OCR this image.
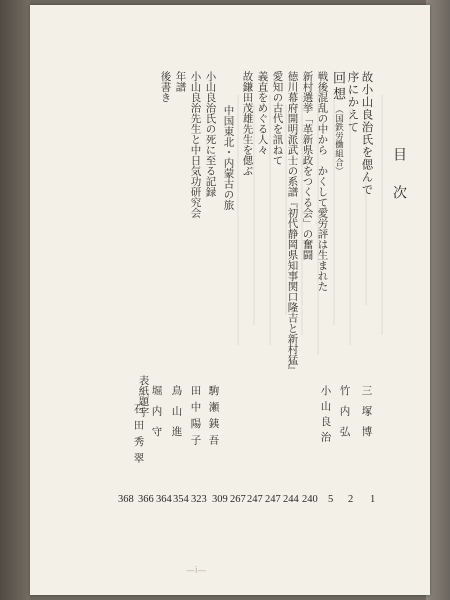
目次
故小山良治氏を偲んで
序にかえて
回想
（国鉄労働組合）
戦後混乱の中から　かくして愛労評は生まれた
新村選挙「革新県政をつくる会」の奮闘
徳川幕府開明派武士の系譜『初代静岡県知事関口隆吉と新村猛』
愛知の古代を訊ねて
義直をめぐる人々
故鎌田茂雄先生を偲ぶ
中国東北・内蒙古の旅
小山良治氏の死に至る記録
小山良治先生と中日気功研究会
年譜
後書き
表紙題字	三塚博
竹内弘
小山良治
駒瀬銕吾
田中陽子
鳥山進
堀内守
石田秀翠
1
2
5
240
244
247
247
267
309
323
354
364
366
368
—i—
